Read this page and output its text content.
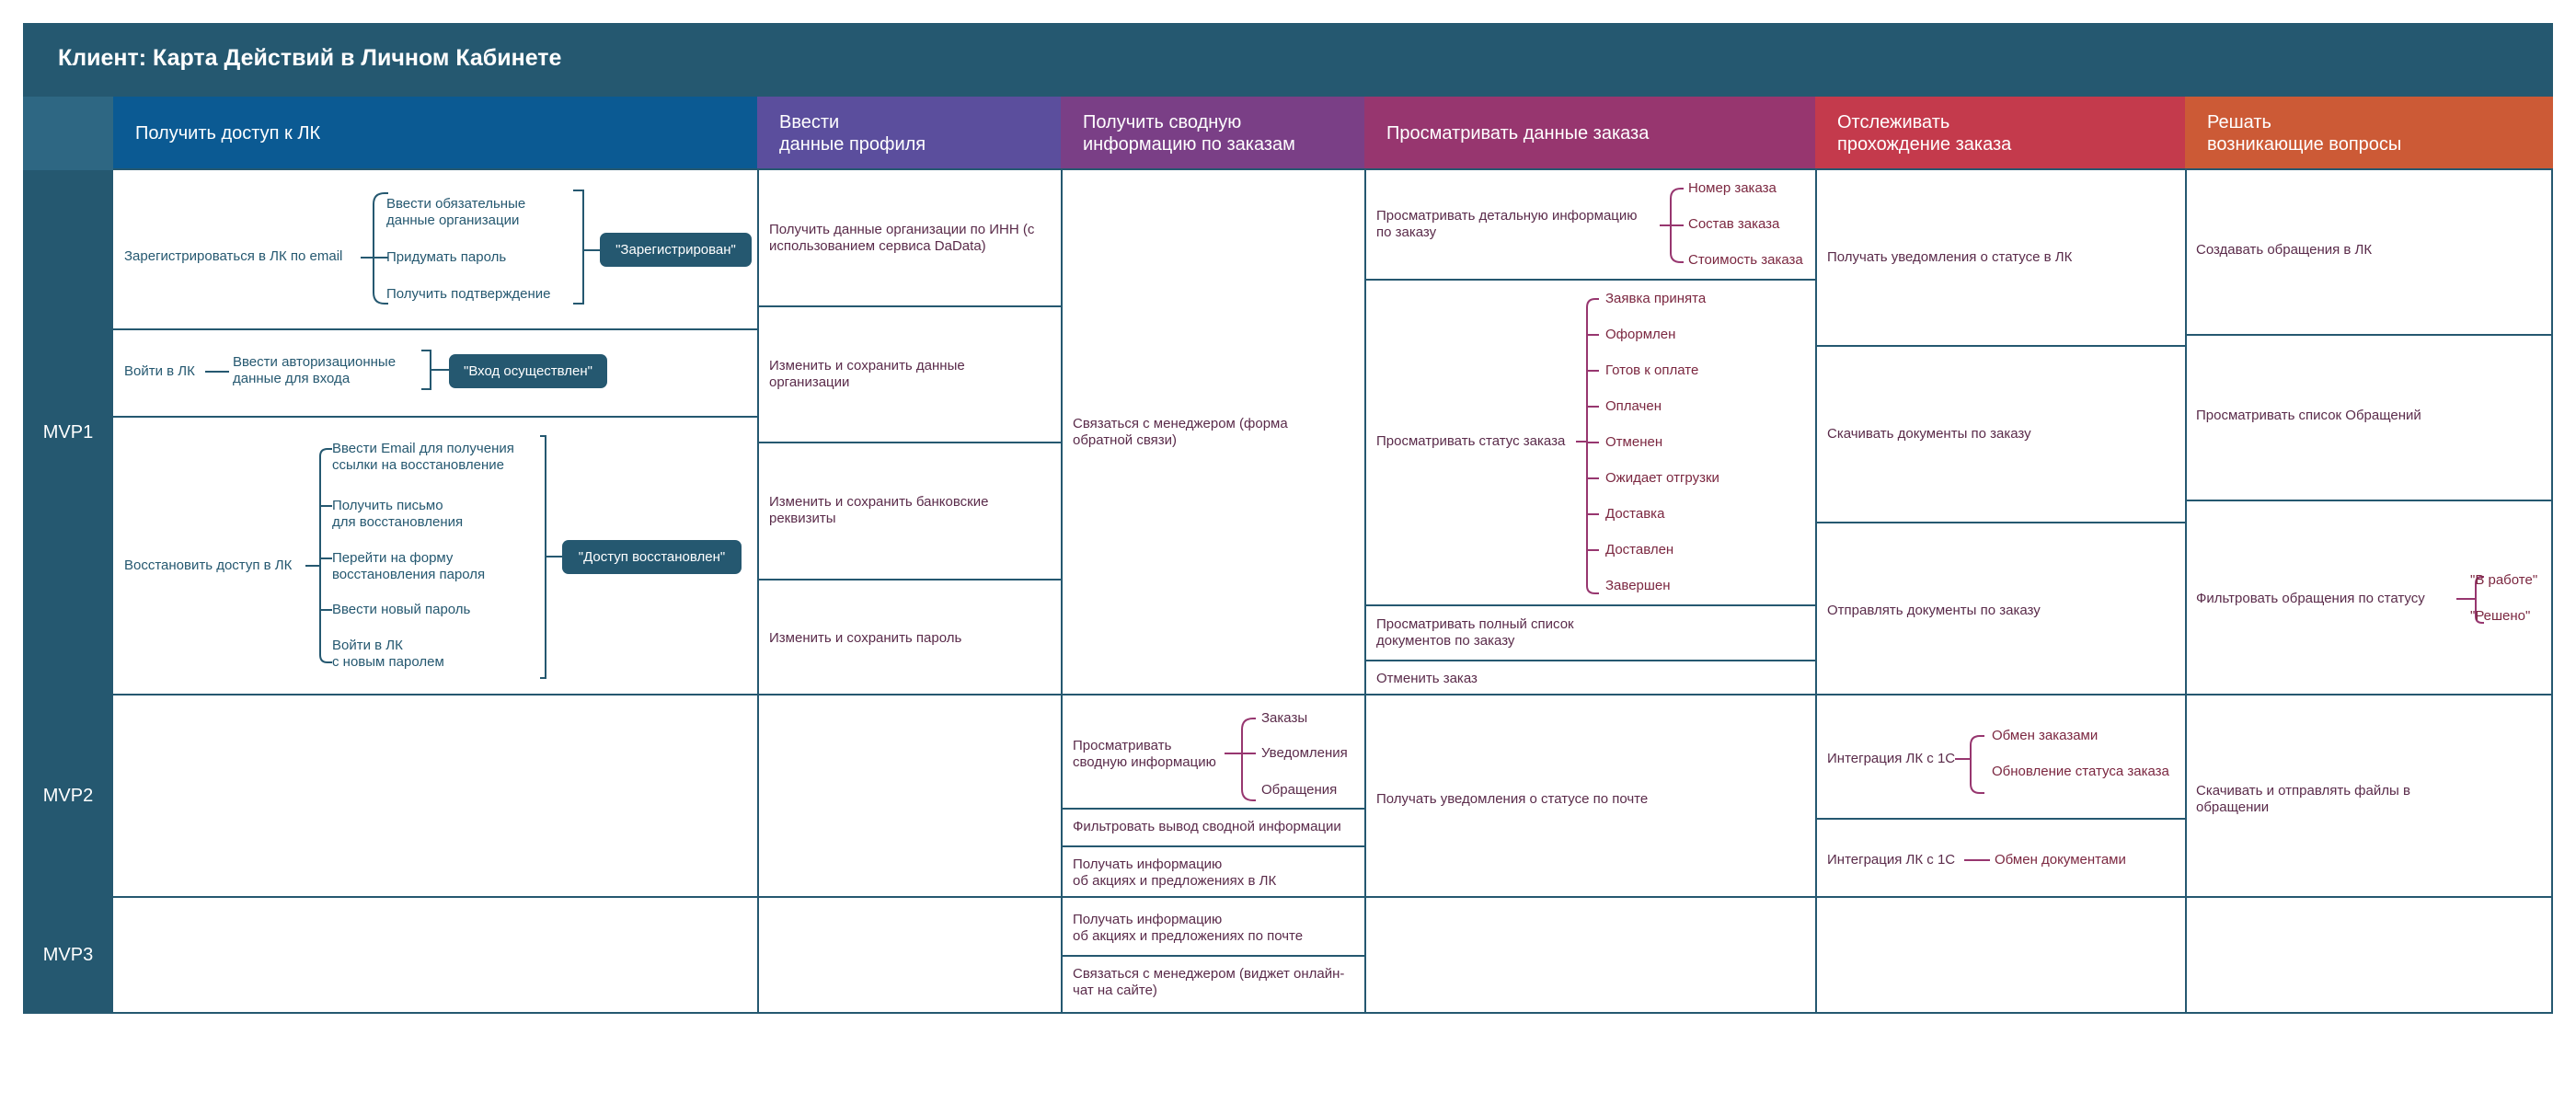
Клиент: Карта Действий в Личном Кабинете
MVP1
MVP2
MVP3
Получить доступ к ЛК
Ввести
данные профиля
Получить сводную
информацию по заказам
Просматривать данные заказа
Отслеживать
прохождение заказа
Решать
возникающие вопросы
Зарегистрироваться в ЛК по email
Ввести обязательные
данные организации
Придумать пароль
Получить подтверждение
"Зарегистрирован"
Войти в ЛК
Ввести авторизационные
данные для входа	"Вход осуществлен"
Восстановить доступ в ЛК
Ввести Email для получения
ссылки на восстановление
Получить письмо
для восстановления
Перейти на форму
восстановления пароля
Ввести новый пароль
Войти в ЛК
с новым паролем
"Доступ восстановлен"
Получить данные организации по ИНН (с
использованием сервиса DaData)
Изменить и сохранить данные
организации
Изменить и сохранить банковские
реквизиты
Изменить и сохранить пароль
Связаться с менеджером (форма
обратной связи)
Просматривать
сводную информацию
Заказы
Уведомления
Обращения
Фильтровать вывод сводной информации
Получать информацию
об акциях и предложениях в ЛК
Получать информацию
об акциях и предложениях по почте
Связаться с менеджером (виджет онлайн-
чат на сайте)
Просматривать детальную информацию
по заказу
Номер заказа
Состав заказа
Стоимость заказа
Просматривать статус заказа
Заявка принята
Оформлен
Готов к оплате
Оплачен
Отменен
Ожидает отгрузки
Доставка
Доставлен
Завершен
Просматривать полный список
документов по заказу
Отменить заказ
Получать уведомления о статусе по почте
Получать уведомления о статусе в ЛК
Скачивать документы по заказу
Отправлять документы по заказу
Интеграция ЛК с 1С
Обмен заказами
Обновление статуса заказа
Интеграция ЛК с 1С	Обмен документами
Создавать обращения в ЛК
Просматривать список Обращений
Фильтровать обращения по статусу
"В работе"
"Решено"
Скачивать и отправлять файлы в
обращении
